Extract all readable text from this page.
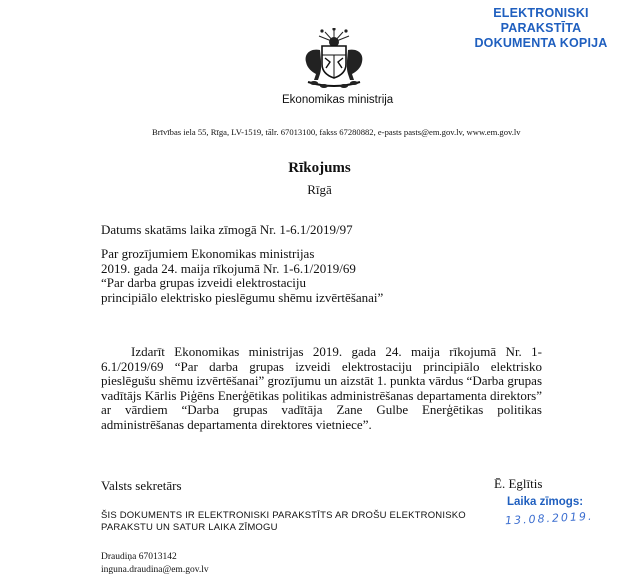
ELEKTRONISKI PARAKSTĪTA
DOKUMENTA KOPIJA
Ekonomikas ministrija
Brīvības iela 55, Rīga, LV-1519, tālr. 67013100, fakss 67280882, e-pasts pasts@em.gov.lv, www.em.gov.lv
Rīkojums
Rīgā
Datums skatāms laika zīmogā Nr. 1-6.1/2019/97
Par grozījumiem Ekonomikas ministrijas
2019. gada 24. maija rīkojumā Nr. 1-6.1/2019/69
“Par darba grupas izveidi elektrostaciju
principiālo elektrisko pieslēgumu shēmu izvērtēšanai”
Izdarīt Ekonomikas ministrijas 2019. gada 24. maija rīkojumā Nr. 1-6.1/2019/69 “Par darba grupas izveidi elektrostaciju principiālo elektrisko pieslēgušu shēmu izvērtēšanai” grozījumu un aizstāt 1. punkta vārdus “Darba grupas vadītājs Kārlis Piģēns Enerģētikas politikas administrēšanas departamenta direktors” ar vārdiem “Darba grupas vadītāja Zane Gulbe Enerģētikas politikas administrēšanas departamenta direktores vietniece”.
Valsts sekretārs	Ē. Eglītis
Laika zīmogs:
13.08.2019.
ŠIS DOKUMENTS IR ELEKTRONISKI PARAKSTĪTS AR DROŠU ELEKTRONISKO PARAKSTU UN SATUR LAIKA ZĪMOGU
Draudiņa 67013142
inguna.draudina@em.gov.lv
